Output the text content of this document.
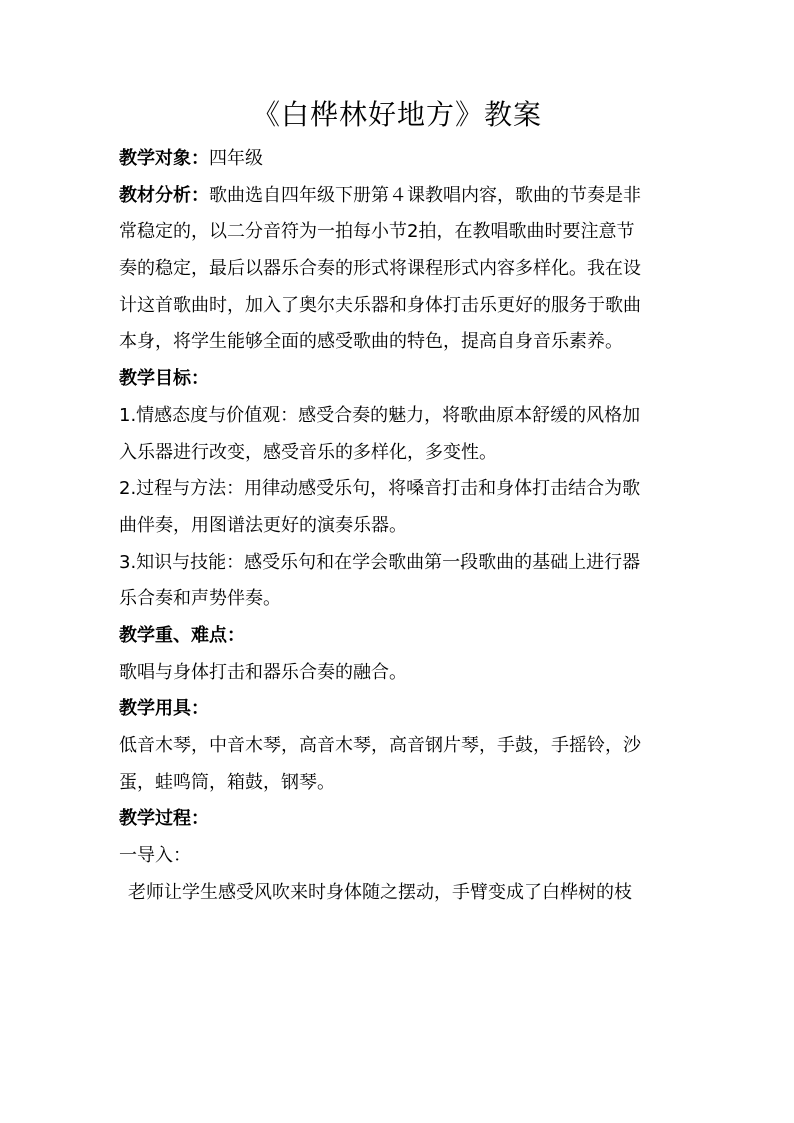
《白桦林好地方》教案
教学对象：四年级
教材分析：歌曲选自四年级下册第４课教唱内容，歌曲的节奏是非
常稳定的，以二分音符为一拍每小节2拍，在教唱歌曲时要注意节
奏的稳定，最后以器乐合奏的形式将课程形式内容多样化。我在设
计这首歌曲时，加入了奥尔夫乐器和身体打击乐更好的服务于歌曲
本身，将学生能够全面的感受歌曲的特色，提高自身音乐素养。
教学目标：
1.情感态度与价值观：感受合奏的魅力，将歌曲原本舒缓的风格加
入乐器进行改变，感受音乐的多样化，多变性。
2.过程与方法：用律动感受乐句，将嗓音打击和身体打击结合为歌
曲伴奏，用图谱法更好的演奏乐器。
3.知识与技能：感受乐句和在学会歌曲第一段歌曲的基础上进行器
乐合奏和声势伴奏。
教学重、难点：
歌唱与身体打击和器乐合奏的融合。
教学用具：
低音木琴，中音木琴，高音木琴，高音钢片琴，手鼓，手摇铃，沙
蛋，蛙鸣筒，箱鼓，钢琴。
教学过程：
一导入：
老师让学生感受风吹来时身体随之摆动，手臂变成了白桦树的枝
